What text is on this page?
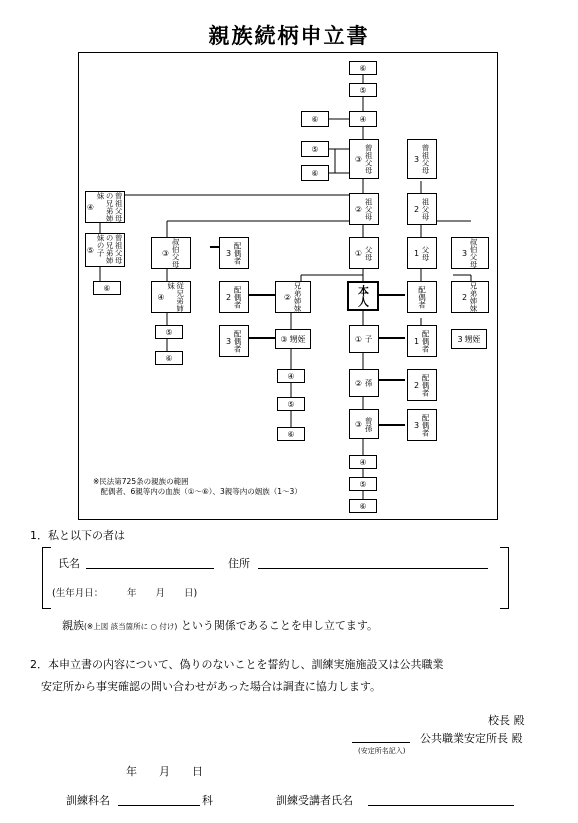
親族続柄申立書
⑥
⑤
⑥	④
⑤
⑥
③ 曾祖父母	3 曾祖父母
④	曾祖父母の兄弟姉妹
⑤	曾祖父母の兄弟姉妹の子
⑥
② 祖父母	2 祖父母
③ 叔伯父母	3 配偶者	① 父母	1 父母	3 叔伯父母
④	従兄弟姉妹
2 配偶者	② 兄弟姉妹	本人	配偶者	2 兄弟姉妹
⑤
⑥
3 配偶者	③ 甥姪	① 子	1 配偶者	3 甥姪
④
⑤
⑥
② 孫	2 配偶者
③ 曾孫	3 配偶者
④
⑤
⑥
※民法第725条の親族の範囲
　配偶者、6親等内の血族（①～⑥）、3親等内の姻族（1～3）
1．私と以下の者は
氏名	住所
(生年月日：　　　年　　月　　日)
親族(※上図 該当箇所に ○ 付け) という関係であることを申し立てます。
2．本申立書の内容について、偽りのないことを誓約し、訓練実施施設又は公共職業
　安定所から事実確認の問い合わせがあった場合は調査に協力します。
校長 殿
公共職業安定所長 殿
(安定所名記入)
年　　月　　日
訓練科名	科	訓練受講者氏名
